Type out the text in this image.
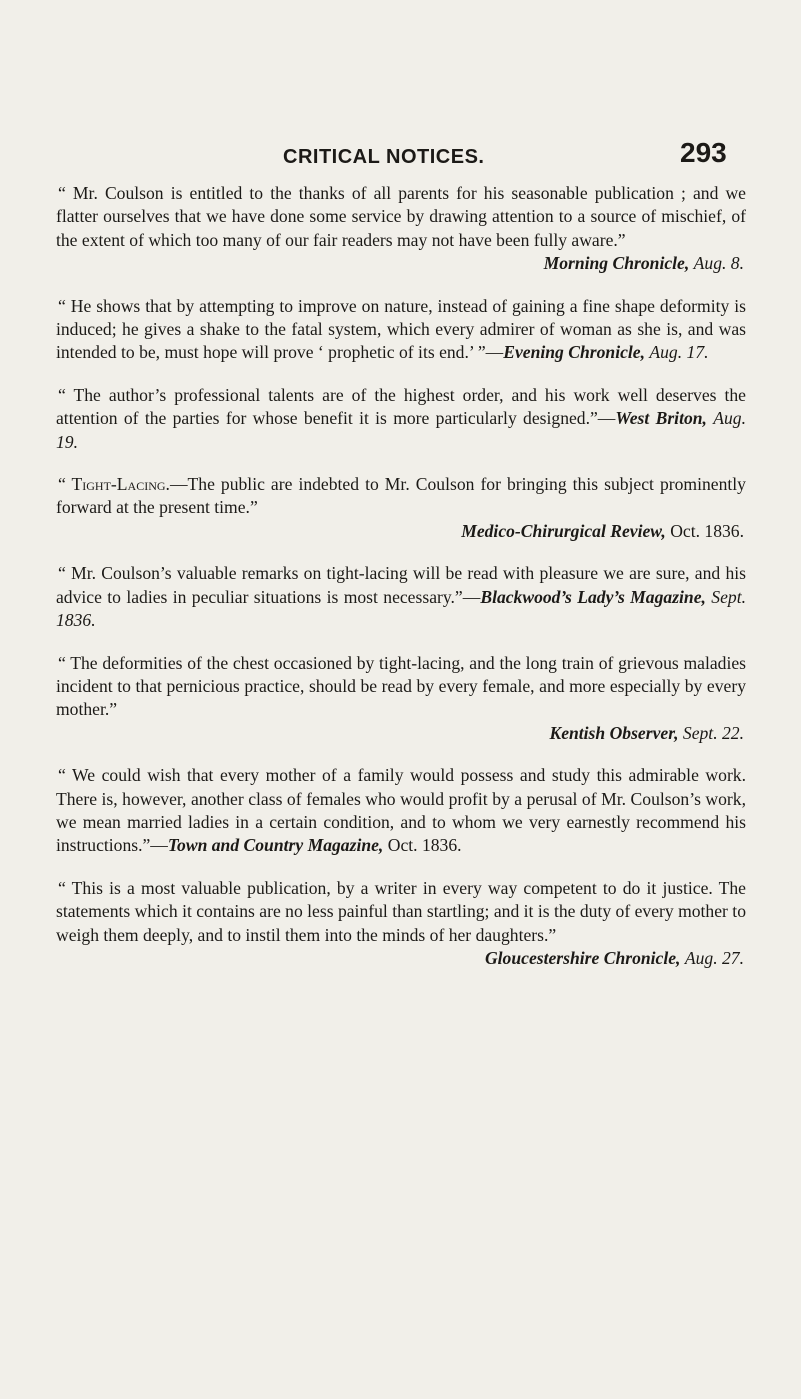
CRITICAL NOTICES.	293

“ Mr. Coulson is entitled to the thanks of all parents for his seasonable publication ; and we flatter ourselves that we have done some service by drawing attention to a source of mischief, of the extent of which too many of our fair readers may not have been fully aware.”

Morning Chronicle, Aug. 8.

“ He shows that by attempting to improve on nature, instead of gaining a fine shape deformity is induced; he gives a shake to the fatal system, which every admirer of woman as she is, and was intended to be, must hope will prove ‘ prophetic of its end.’ ”—Evening Chronicle, Aug. 17.

“ The author’s professional talents are of the highest order, and his work well deserves the attention of the parties for whose benefit it is more particularly designed.”—West Briton, Aug. 19.

“ Tight-Lacing.—The public are indebted to Mr. Coulson for bringing this subject prominently forward at the present time.”

Medico-Chirurgical Review, Oct. 1836.

“ Mr. Coulson’s valuable remarks on tight-lacing will be read with pleasure we are sure, and his advice to ladies in peculiar situations is most necessary.”—Blackwood’s Lady’s Magazine, Sept. 1836.

“ The deformities of the chest occasioned by tight-lacing, and the long train of grievous maladies incident to that pernicious practice, should be read by every female, and more especially by every mother.”

Kentish Observer, Sept. 22.

“ We could wish that every mother of a family would possess and study this admirable work. There is, however, another class of females who would profit by a perusal of Mr. Coulson’s work, we mean married ladies in a certain condition, and to whom we very earnestly recommend his instructions.”—Town and Country Magazine, Oct. 1836.

“ This is a most valuable publication, by a writer in every way competent to do it justice. The statements which it contains are no less painful than startling; and it is the duty of every mother to weigh them deeply, and to instil them into the minds of her daughters.”

Gloucestershire Chronicle, Aug. 27.
